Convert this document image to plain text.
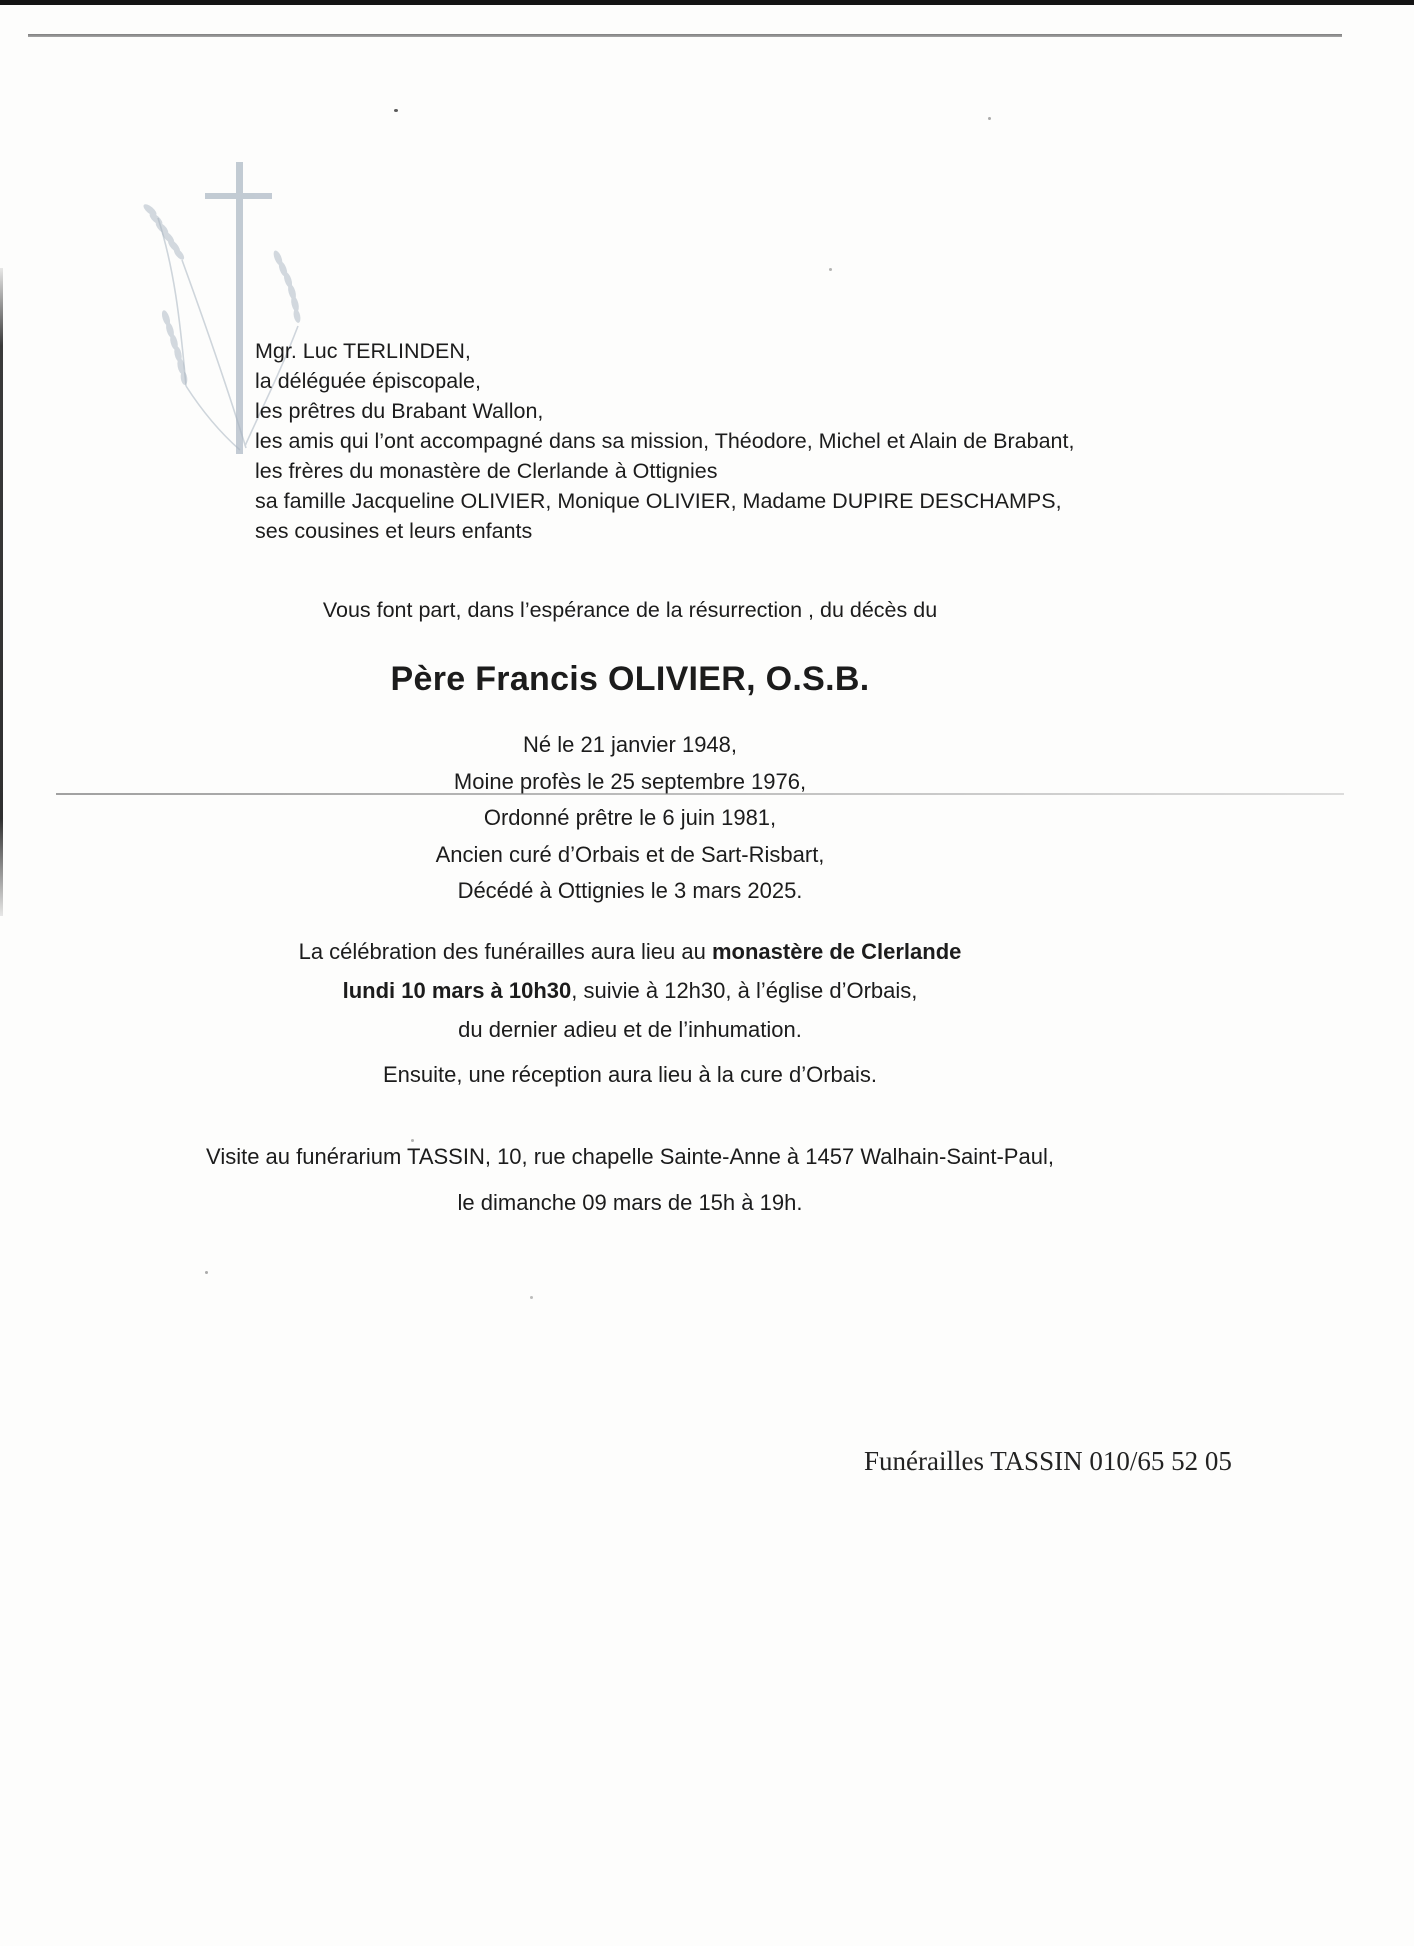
Mgr. Luc TERLINDEN,
la déléguée épiscopale,
les prêtres du Brabant Wallon,
les amis qui l’ont accompagné dans sa mission, Théodore, Michel et Alain de Brabant,
les frères du monastère de Clerlande à Ottignies
sa famille Jacqueline OLIVIER, Monique OLIVIER, Madame DUPIRE DESCHAMPS,
ses cousines et leurs enfants
Vous font part, dans l’espérance de la résurrection , du décès du
Père Francis OLIVIER, O.S.B.
Né le 21 janvier 1948,
Moine profès le 25 septembre 1976,
Ordonné prêtre le 6 juin 1981,
Ancien curé d’Orbais et de Sart-Risbart,
Décédé à Ottignies le 3 mars 2025.
La célébration des funérailles aura lieu au monastère de Clerlande
lundi 10 mars à 10h30, suivie à 12h30, à l’église d’Orbais,
du dernier adieu et de l’inhumation.
Ensuite, une réception aura lieu à la cure d’Orbais.
Visite au funérarium TASSIN, 10, rue chapelle Sainte-Anne à 1457 Walhain-Saint-Paul,
le dimanche 09 mars de 15h à 19h.
Funérailles TASSIN 010/65 52 05
